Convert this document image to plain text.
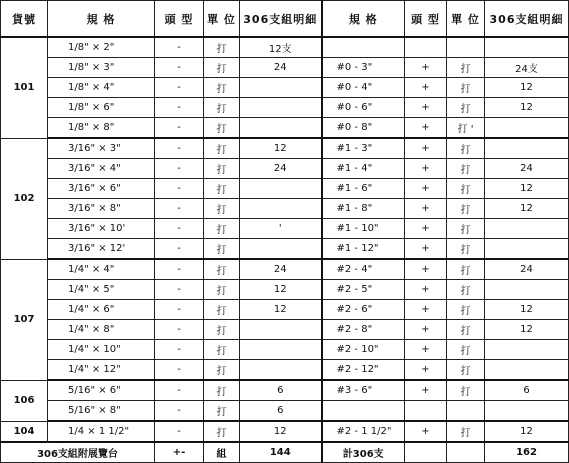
貨號	規 格	頭 型	單 位	306支組明細	規 格	頭 型	單 位	306支組明細
101	1/8" × 2"	-	打	12支				
	1/8" × 3"	-	打	24	#0 - 3"	+	打	24支
	1/8" × 4"	-	打		#0 - 4"	+	打	12
	1/8" × 6"	-	打		#0 - 6"	+	打	12
	1/8" × 8"	-	打		#0 - 8"	+	打 '	
102	3/16" × 3"	-	打	12	#1 - 3"	+	打	
	3/16" × 4"	-	打	24	#1 - 4"	+	打	24
	3/16" × 6"	-	打		#1 - 6"	+	打	12
	3/16" × 8"	-	打		#1 - 8"	+	打	12
	3/16" × 10'	-	打	'	#1 - 10"	+	打	
	3/16" × 12'	-	打		#1 - 12"	+	打	
107	1/4" × 4"	-	打	24	#2 - 4"	+	打	24
	1/4" × 5"	-	打	12	#2 - 5"	+	打	
	1/4" × 6"	-	打	12	#2 - 6"	+	打	12
	1/4" × 8"	-	打		#2 - 8"	+	打	12
	1/4" × 10"	-	打		#2 - 10"	+	打	
	1/4" × 12"	-	打		#2 - 12"	+	打	
106	5/16" × 6"	-	打	6	#3 - 6"	+	打	6
	5/16" × 8"	-	打	6				
104	1/4 × 1 1/2"	-	打	12	#2 - 1 1/2"	+	打	12
306支組附展覽台		+-	組	144	計306支			162
